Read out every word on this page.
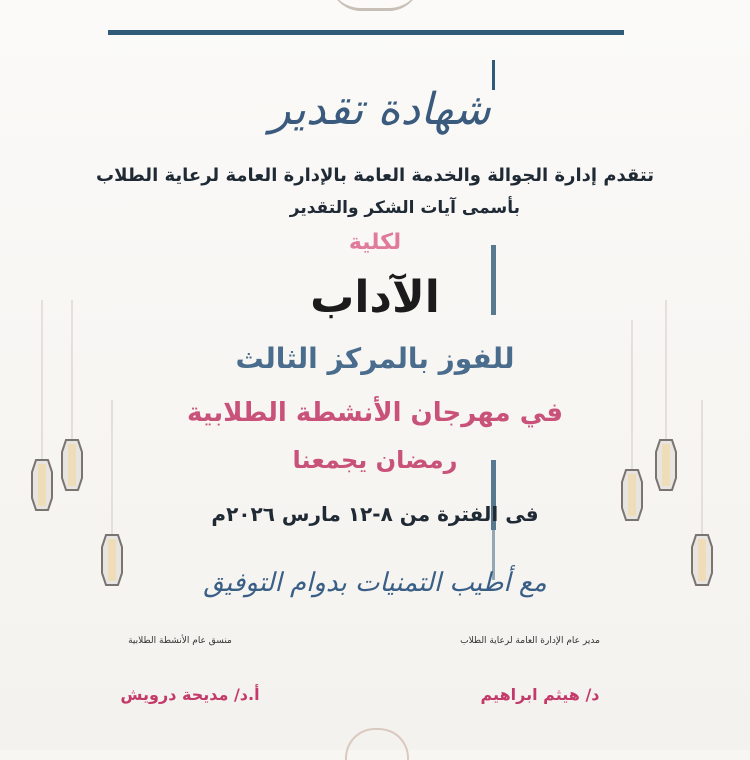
شهادة تقدير
تتقدم إدارة الجوالة والخدمة العامة بالإدارة العامة لرعاية الطلاب
بأسمى آيات الشكر والتقدير
لكلية
الآداب
للفوز بالمركز الثالث
في مهرجان الأنشطة الطلابية
رمضان يجمعنا
فى الفترة من ٨-١٢ مارس ٢٠٢٦م
مع أطيب التمنيات بدوام التوفيق
منسق عام الأنشطة الطلابية
أ.د/ مديحة درويش
مدير عام الإدارة العامة لرعاية الطلاب
د/ هيثم ابراهيم
